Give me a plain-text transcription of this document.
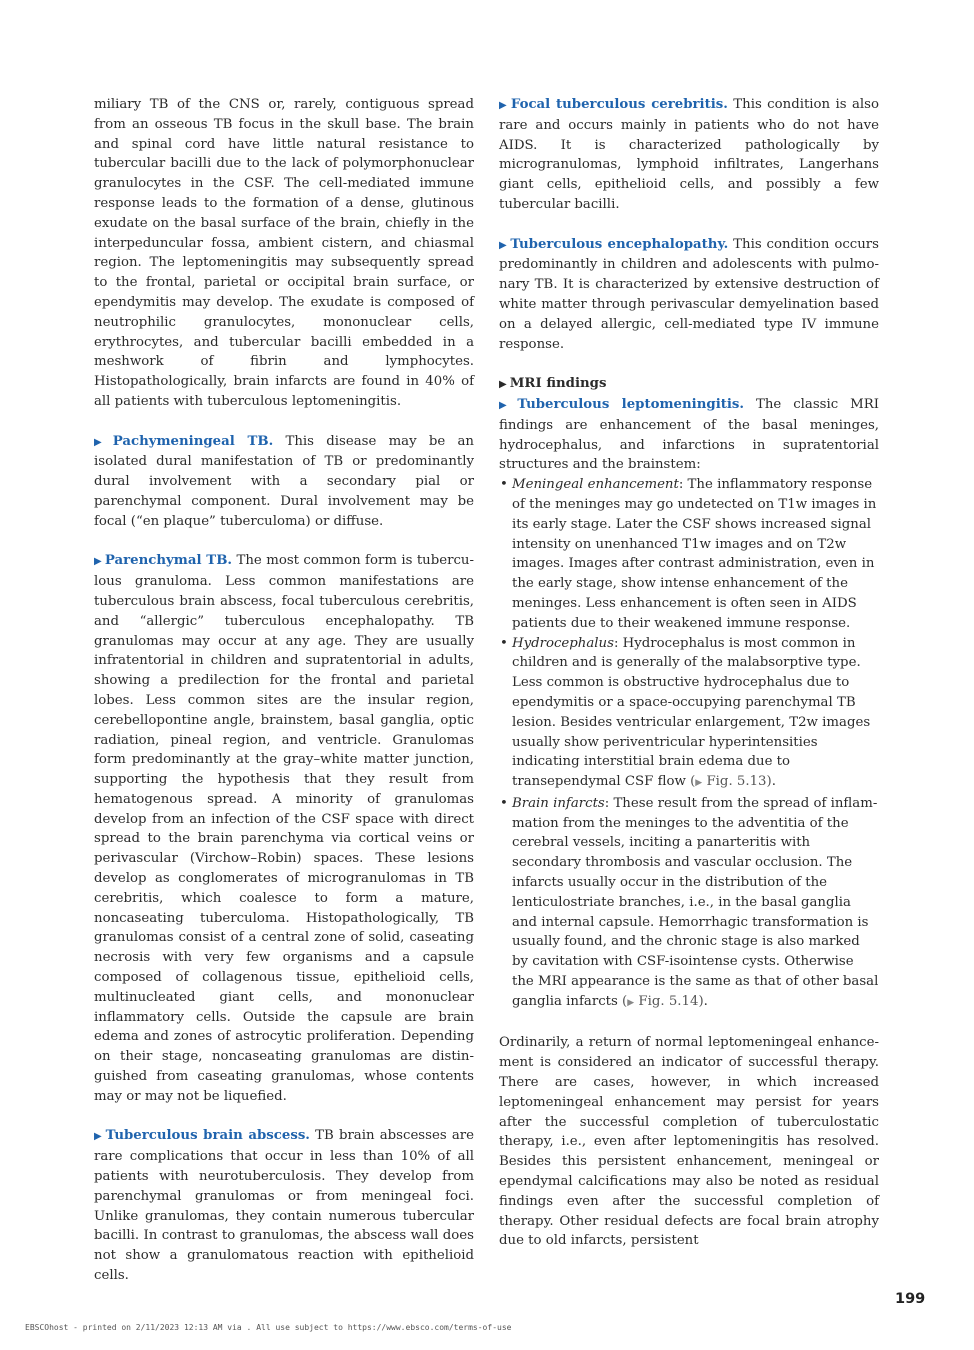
miliary TB of the CNS or, rarely, contiguous spread from an osseous TB focus in the skull base. The brain and spinal cord have little natural resistance to tubercular bacilli due to the lack of polymorphonuclear granulocytes in the CSF. The cell-mediated immune response leads to the formation of a dense, glutinous exudate on the basal surface of the brain, chiefly in the interpeduncular fossa, ambient cistern, and chiasmal region. The leptomeningitis may subsequently spread to the frontal, parietal or occipital brain surface, or ependymitis may develop. The exudate is composed of neutrophilic granulocytes, mononuclear cells, erythrocytes, and tubercular bacilli embedded in a meshwork of fibrin and lymphocytes. Histopathologically, brain infarcts are found in 40% of all patients with tuberculous leptomeningitis.

▶ Pachymeningeal TB. This disease may be an isolated dural manifestation of TB or predominantly dural involvement with a secondary pial or parenchymal component. Dural involvement may be focal (“en plaque” tuberculoma) or diffuse.

▶ Parenchymal TB. The most common form is tuberculous granuloma. Less common manifestations are tuberculous brain abscess, focal tuberculous cerebritis, and “allergic” tuberculous encephalopathy. TB granulomas may occur at any age. They are usually infratentorial in children and supratentorial in adults, showing a predilection for the frontal and parietal lobes. Less common sites are the insular region, cerebellopontine angle, brainstem, basal ganglia, optic radiation, pineal region, and ventricle. Granulomas form predominantly at the gray–white matter junction, supporting the hypothesis that they result from hematogenous spread. A minority of granulomas develop from an infection of the CSF space with direct spread to the brain parenchyma via cortical veins or perivascular (Virchow–Robin) spaces. These lesions develop as conglomerates of microgranulomas in TB cerebritis, which coalesce to form a mature, noncaseating tuberculoma. Histopathologically, TB granulomas consist of a central zone of solid, caseating necrosis with very few organisms and a capsule composed of collagenous tissue, epithelioid cells, multinucleated giant cells, and mononuclear inflammatory cells. Outside the capsule are brain edema and zones of astrocytic proliferation. Depending on their stage, noncaseating granulomas are distinguished from caseating granulomas, whose contents may or may not be liquefied.

▶ Tuberculous brain abscess. TB brain abscesses are rare complications that occur in less than 10% of all patients with neurotuberculosis. They develop from parenchymal granulomas or from meningeal foci. Unlike granulomas, they contain numerous tubercular bacilli. In contrast to granulomas, the abscess wall does not show a granulomatous reaction with epithelioid cells.

▶ Focal tuberculous cerebritis. This condition is also rare and occurs mainly in patients who do not have AIDS. It is characterized pathologically by microgranulomas, lymphoid infiltrates, Langerhans giant cells, epithelioid cells, and possibly a few tubercular bacilli.

▶ Tuberculous encephalopathy. This condition occurs predominantly in children and adolescents with pulmonary TB. It is characterized by extensive destruction of white matter through perivascular demyelination based on a delayed allergic, cell-mediated type IV immune response.

▶ MRI findings

▶ Tuberculous leptomeningitis. The classic MRI findings are enhancement of the basal meninges, hydrocephalus, and infarctions in supratentorial structures and the brainstem:

• Meningeal enhancement: The inflammatory response of the meninges may go undetected on T1w images in its early stage. Later the CSF shows increased signal intensity on unenhanced T1w images and on T2w images. Images after contrast administration, even in the early stage, show intense enhancement of the meninges. Less enhancement is often seen in AIDS patients due to their weakened immune response.
• Hydrocephalus: Hydrocephalus is most common in children and is generally of the malabsorptive type. Less common is obstructive hydrocephalus due to ependymitis or a space-occupying parenchymal TB lesion. Besides ventricular enlargement, T2w images usually show periventricular hyperintensities indicating interstitial brain edema due to transependymal CSF flow (▶ Fig. 5.13).
• Brain infarcts: These result from the spread of inflammation from the meninges to the adventitia of the cerebral vessels, inciting a panarteritis with secondary thrombosis and vascular occlusion. The infarcts usually occur in the distribution of the lenticulostriate branches, i.e., in the basal ganglia and internal capsule. Hemorrhagic transformation is usually found, and the chronic stage is also marked by cavitation with CSF-isointense cysts. Otherwise the MRI appearance is the same as that of other basal ganglia infarcts (▶ Fig. 5.14).

Ordinarily, a return of normal leptomeningeal enhancement is considered an indicator of successful therapy. There are cases, however, in which increased leptomeningeal enhancement may persist for years after the successful completion of tuberculostatic therapy, i.e., even after leptomeningitis has resolved. Besides this persistent enhancement, meningeal or ependymal calcifications may also be noted as residual findings even after the successful completion of therapy. Other residual defects are focal brain atrophy due to old infarcts, persistent

199
EBSCOhost - printed on 2/11/2023 12:13 AM via . All use subject to https://www.ebsco.com/terms-of-use
